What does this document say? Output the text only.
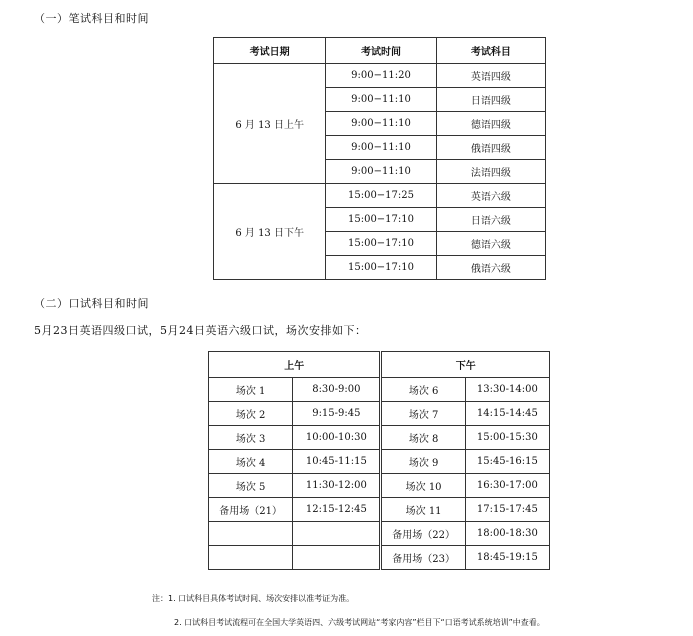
（一）笔试科目和时间
考试日期	考试时间	考试科目
6 月 13 日上午	9:00−11:20	英语四级
	9:00−11:10	日语四级
	9:00−11:10	德语四级
	9:00−11:10	俄语四级
	9:00−11:10	法语四级
6 月 13 日下午	15:00−17:25	英语六级
	15:00−17:10	日语六级
	15:00−17:10	德语六级
	15:00−17:10	俄语六级
（二）口试科目和时间
5月23日英语四级口试，5月24日英语六级口试，场次安排如下：
上午			下午	
场次 1	8:30-9:00		场次 6	13:30-14:00
场次 2	9:15-9:45		场次 7	14:15-14:45
场次 3	10:00-10:30		场次 8	15:00-15:30
场次 4	10:45-11:15		场次 9	15:45-16:15
场次 5	11:30-12:00		场次 10	16:30-17:00
备用场（21）	12:15-12:45		场次 11	17:15-17:45
			备用场（22）	18:00-18:30
			备用场（23）	18:45-19:15
注：1. 口试科目具体考试时间、场次安排以准考证为准。
2. 口试科目考试流程可在全国大学英语四、六级考试网站“考家内容”栏目下“口语考试系统培训”中查看。
